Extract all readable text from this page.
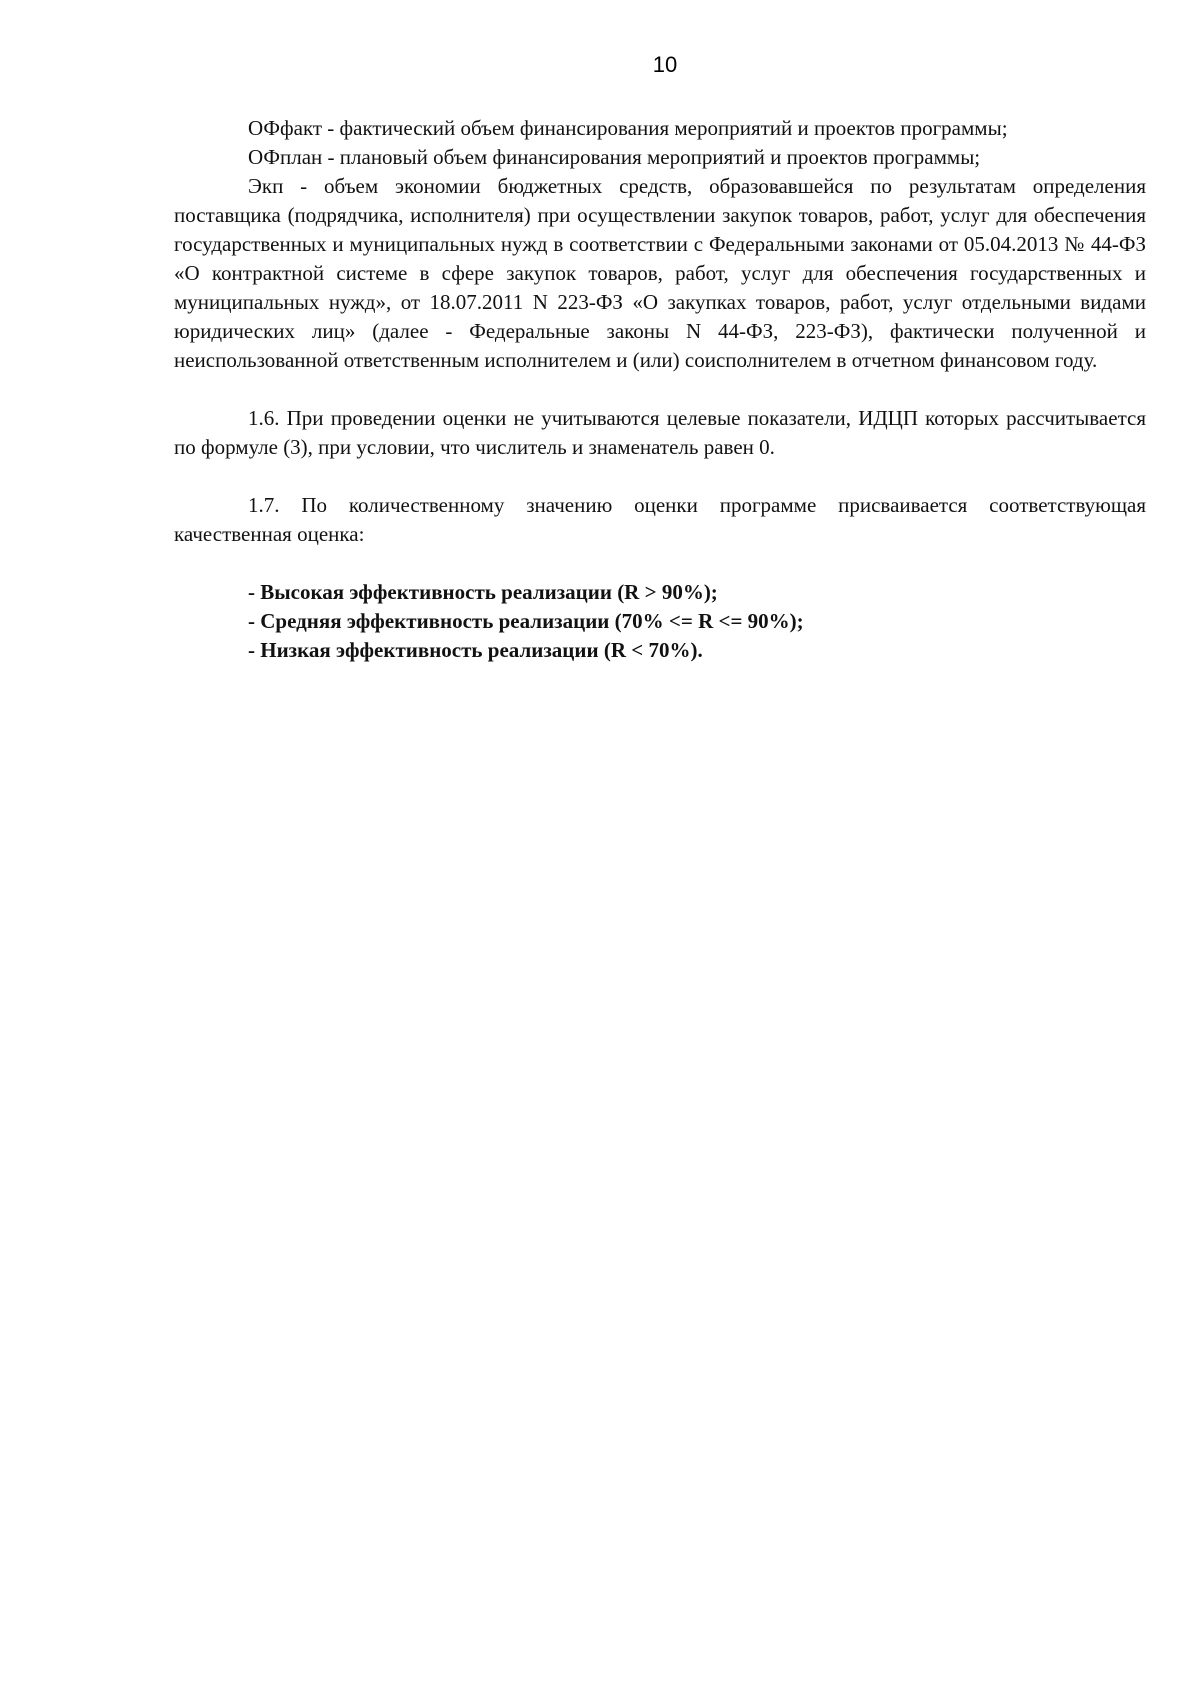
10

ОФфакт - фактический объем финансирования мероприятий и проектов программы;

ОФплан - плановый объем финансирования мероприятий и проектов программы;

Экп - объем экономии бюджетных средств, образовавшейся по результатам определения поставщика (подрядчика, исполнителя) при осуществлении закупок товаров, работ, услуг для обеспечения государственных и муниципальных нужд в соответствии с Федеральными законами от 05.04.2013 № 44-ФЗ «О контрактной системе в сфере закупок товаров, работ, услуг для обеспечения государственных и муниципальных нужд», от 18.07.2011 N 223-ФЗ «О закупках товаров, работ, услуг отдельными видами юридических лиц» (далее - Федеральные законы N 44-ФЗ, 223-ФЗ), фактически полученной и неиспользованной ответственным исполнителем и (или) соисполнителем в отчетном финансовом году.

1.6. При проведении оценки не учитываются целевые показатели, ИДЦП которых рассчитывается по формуле (3), при условии, что числитель и знаменатель равен 0.

1.7. По количественному значению оценки программе присваивается соответствующая качественная оценка:

- Высокая эффективность реализации (R > 90%);

- Средняя эффективность реализации (70% <= R <= 90%);

- Низкая эффективность реализации (R < 70%).
